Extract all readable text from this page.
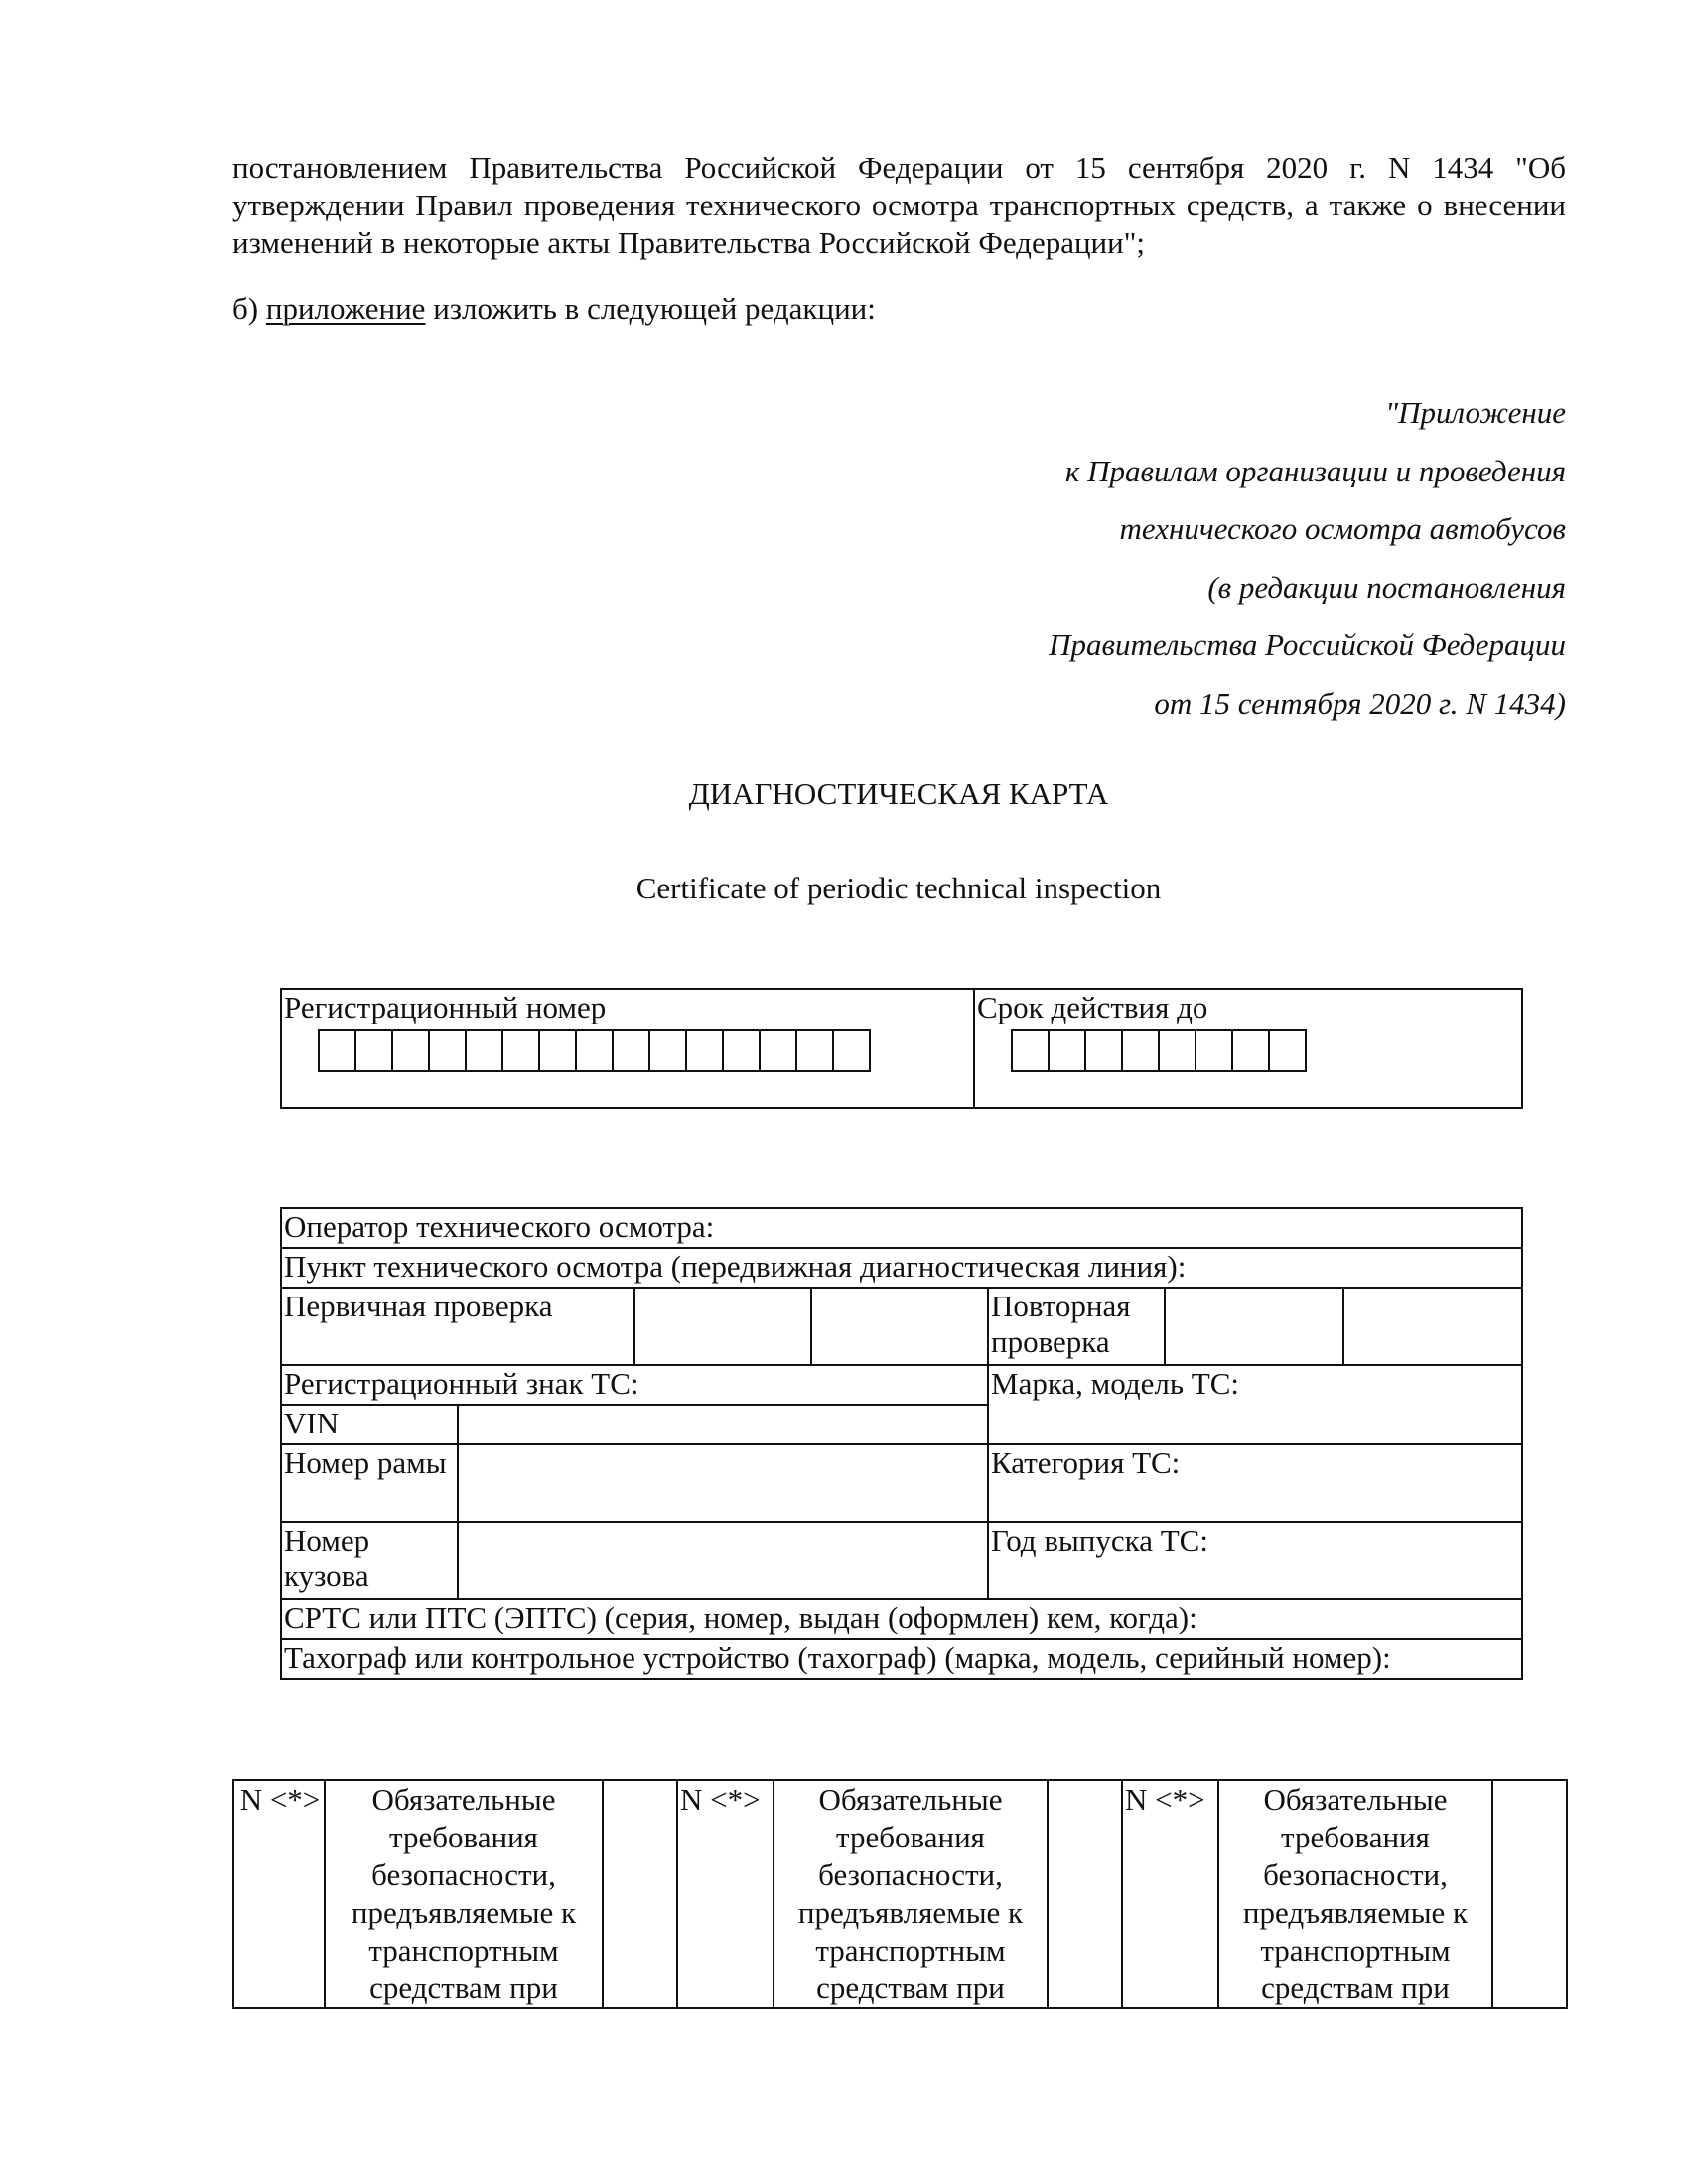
постановлением Правительства Российской Федерации от 15 сентября 2020 г. N 1434 "Об утверждении Правил проведения технического осмотра транспортных средств, а также о внесении изменений в некоторые акты Правительства Российской Федерации";

б) приложение изложить в следующей редакции:

"Приложение
к Правилам организации и проведения
технического осмотра автобусов
(в редакции постановления
Правительства Российской Федерации
от 15 сентября 2020 г. N 1434)

ДИАГНОСТИЧЕСКАЯ КАРТА

Certificate of periodic technical inspection

Регистрационный номер	Срок действия до
Оператор технического осмотра:						
Пункт технического осмотра (передвижная диагностическая линия):						
Первичная проверка				Повторная проверка		
Регистрационный знак ТС:				Марка, модель ТС:		
VIN						
Номер рамы				Категория ТС:		
Номер кузова				Год выпуска ТС:		
СРТС или ПТС (ЭПТС) (серия, номер, выдан (оформлен) кем, когда):						
Тахограф или контрольное устройство (тахограф) (марка, модель, серийный номер):						
N <*>	Обязательные требования безопасности, предъявляемые к транспортным средствам при		N <*>	Обязательные требования безопасности, предъявляемые к транспортным средствам при		N <*>	Обязательные требования безопасности, предъявляемые к транспортным средствам при	
